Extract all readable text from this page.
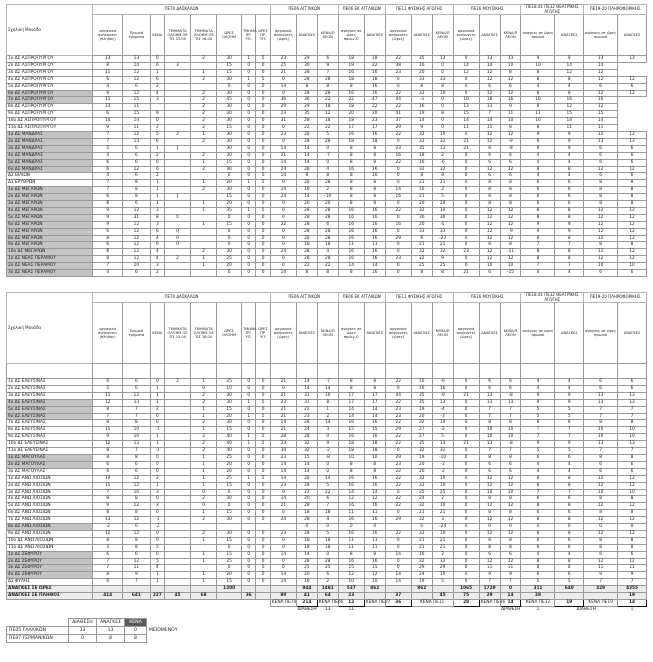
Σχολική Μονάδα	ΠΕ70 ΔΑΣΚΑΛΩΝ								ΠΕ06 ΑΓΓΛΙΚΩΝ			ΠΕ06 ΕΚ ΑΓΓΛΙΚΩΝ		ΠΕ11 ΦΥΣΙΚΗΣ ΑΓΩΓΗΣ			ΠΕ16 ΜΟΥΣΙΚΗΣ			ΠΕ18.41 ΠΕ32 ΘΕΑΤΡΙΚΗΣ ΑΓΩΓΗΣ		ΠΕ19-20 ΠΛΗΡΟΦΟΡΙΚΗΣ	
	οργανικά ανήκοντες (πλήθος)	Πρωινό τμήματα	ΚΕΝΑ	ΤΜΗΜΑΤΑ ΟΛΟΗΜ ΟΕ ΤΙΣ 15.00	ΤΜΗΜΑΤΑ ΟΛΟΗΜ ΟΕ ΤΙΣ 16.00	ΩΡΕΣ ΟΛΟΗΜ	ΤΜΗΜΑ ΠΡ. ΥΠ.	ΩΡΕΣ ΠΡ. ΥΠ.	οργανικά ανήκοντες (ώρες)	ΑΝΑΓΚΕΣ	ΚΕΝΑ/Π ΛΕΟΝ	ανάγκες σε ώρες πρωιν.Ο	ΑΝΑΓΚΕΣ	οργανικά ανήκοντες (ώρες)	ΑΝΑΓΚΕΣ	ΚΕΝΑ/Π ΛΕΟΝ	οργανικά ανήκοντες (ώρες)	ΑΝΑΓΚΕΣ	ΚΕΝΑ/Π ΛΕΟΝ	ανάγκες σε ώρες πρωινό	ΑΝΑΓΚΕΣ	ανάγκες σε ώρες πρωινό	ΑΝΑΓΚΕΣ
1ο ΔΣ ΑΣΠΡΟΠΥΡΓΟΥ	13	13	0		2	30	1	5	23	29	6	18	18	22	35	13	0	13	13	9	9	13	13
2ο ΔΣ ΑΣΠΡΟΠΥΡΓΟΥ	8	14	6	3		15	0	0	25	30	9	19	22	38	16	0	14	14	10	10	14	14	
3ο ΔΣ ΑΣΠΡΟΠΥΡΓΟΥ	11	12	1		1	15	0	0	21	28	7	16	16	23	20	0	12	12	8	8	12	12	
4ο ΔΣ ΑΣΠΡΟΠΥΡΓΟΥ	6	12	6		2	30	1	5	0	28	28	18	18	0	33	33	0	12	12	8	8	12	12
5ο ΔΣ ΑΣΠΡΟΠΥΡΓΟΥ	4	6	2			0	0	0	14	8	8	8	16	0	8	8	0	6	6	4	4	6	6
6ο ΔΣ ΑΣΠΡΟΠΥΡΓΟΥ	8	12	4		2	30	0	0	0	28	28	16	16	22	32	10	0	12	12	8	8	12	12
7ο ΔΣ ΑΣΠΡΟΠΥΡΓΟΥ	11	15	3		2	45	0	0	36	36	22	22	47	44	-3	0	16	16	16	16	16	16	
8ο ΔΣ ΑΣΠΡΟΠΥΡΓΟΥ	13	11			2	30	0	0	29	29	18	18	22	22	16	0	13	13	9	9	12	12	
9ο ΔΣ ΑΣΠΡΟΠΥΡΓΟΥ	6	15	9		2	30	0	0	23	35	12	20	20	41	19	8	15	7	11	11	15	15	
10ο ΔΣ ΑΣΠΡΟΠΥΡΓΟΥ	14	14	0		2	30	0	0	31	28	18	18	23	37	14	0	14	14	10	10	14	14	
11ο ΔΣ ΑΣΠΡΟΠΥΡΓΟΥ	9	11	2		2	15	0	0	0	22	22	17	17	29	9	0	11	11	8	8	11	11	
1ο ΔΣ ΜΑΝΔΡΑΣ	7	12	5	2	1	30	0	0	23	28	5	16	16	22	32	10	0	12	12	9	9	12	12
2ο ΔΣ ΜΑΝΔΡΑΣ	7	13	6		2	30	0	0	0	28	28	18	18	0	32	32	21	12	-9	9	9	13	13
3ο ΔΣ ΜΑΝΔΡΑΣ	5	6	1	1		30	0	0	14	14	0	8	8	23	35	12	21	8	-8	9	9	6	6
4ο ΔΣ ΜΑΝΔΡΑΣ	4	6	2		2	30	0	0	21	14	-7	8	8	16	18	2	0	6	6	4	4	6	6
5ο ΔΣ ΜΑΝΔΡΑΣ	6	6	0		1	15	0	0	14	14	0	8	8	22	16	-6	0	6	6	4	4	6	6
6ο ΔΣ ΜΑΝΔΡΑΣ	6	12	6		2	30	0	0	24	28	4	16	16	0	32	32	0	12	12	8	8	12	12
ΔΣ ΒΙΛΙΩΝ	4	6	2			0	0	0	14	8	8	8	16	0	8	8	0	6	6	4	4	6	6
ΔΣ ΕΡΥΘΡΩΝ	7	8	1		1	20	1	5	0	28	28	8	8	0	21	21	0	8	8	6	6	8	8
1ο ΔΣ ΜΕΓΑΡΩΝ	7	8	1		2	30	0	0	14	16	2	8	8	14	16	2	0	8	8	6	6	8	8
2ο ΔΣ ΜΕΓΑΡΩΝ	6	8	1	1		15	0	0	24	14	-10	8	8	16	21	5	0	8	8	6	6	8	8
3ο ΔΣ ΜΕΓΑΡΩΝ	8	6	1		1	20	0	0	0	20	20	8	8	0	20	20	0	8	8	6	6	8	8
4ο ΔΣ ΜΕΓΑΡΩΝ	9	12	3		1	35	1	5	0	28	28	16	16	22	32	10	0	12	12	8	8	12	12
5ο ΔΣ ΜΕΓΑΡΩΝ	9	31	8	0		0	0	0	0	28	28	16	16	0	30	30	0	12	12	8	8	12	12
6ο ΔΣ ΜΕΓΑΡΩΝ	9	12	3		1	15	0	0	22	28	6	16	16	16	20	4	0	12	12	9	9	12	12
7ο ΔΣ ΜΕΓΑΡΩΝ	6	12	6	0		0	0	0	0	28	28	16	16	0	33	33	0	12	-9	9	9	12	12
8ο ΔΣ ΜΕΓΑΡΩΝ	8	12	4	0		0	0	0	0	28	28	16	16	29	6	-23	0	12	12	8	8	12	12
9ο ΔΣ ΜΕΓΑΡΩΝ	6	12	6	0		0	0	0	0	18	18	11	11	0	21	21	0	8	8	7	7	8	8
10ο ΔΣ ΜΕΓΑΡΩΝ	8	12	4		2	30	0	0	24	28	4	16	16	0	32	32	23	12	-11	8	8	12	12
1ο ΔΣ ΝΕΑΣ ΠΕΡΑΜΟΥ	8	12	4	2	1	25	0	0	0	28	28	16	16	23	32	9	0	12	12	8	8	12	12
2ο ΔΣ ΝΕΑΣ ΠΕΡΑΜΟΥ	7	10	3		1	20	0	0	0	22	22	14	14	0	25	25	0	10	10	7	7	10	10
3ο ΔΣ ΝΕΑΣ ΠΕΡΑΜΟΥ	4	6	2			0	0	0	14	8	8	8	16	0	8	8	21	6	-15	4	4	6	6
Σχολική Μονάδα	ΠΕ70 ΔΑΣΚΑΛΩΝ								ΠΕ06 ΑΓΓΛΙΚΩΝ			ΠΕ06 ΕΚ ΑΓΓΛΙΚΩΝ		ΠΕ11 ΦΥΣΙΚΗΣ ΑΓΩΓΗΣ			ΠΕ16 ΜΟΥΣΙΚΗΣ			ΠΕ18.41 ΠΕ32 ΘΕΑΤΡΙΚΗΣ ΑΓΩΓΗΣ		ΠΕ19-20 ΠΛΗΡΟΦΟΡΙΚΗΣ	
	οργανικά ανήκοντες (πλήθος)	Πρωινό τμήματα	ΚΕΝΑ	ΤΜΗΜΑΤΑ ΟΛΟΗΜ ΟΕ ΤΙΣ 15.00	ΤΜΗΜΑΤΑ ΟΛΟΗΜ ΟΕ ΤΙΣ 16.00	ΩΡΕΣ ΟΛΟΗΜ	ΤΜΗΜΑ ΠΡ. ΥΠ.	ΩΡΕΣ ΠΡ. ΥΠ.	οργανικά ανήκοντες (ώρες)	ΑΝΑΓΚΕΣ	ΚΕΝΑ/Π ΛΕΟΝ	ανάγκες σε ώρες πρωιν.Ο	ΑΝΑΓΚΕΣ	οργανικά ανήκοντες (ώρες)	ΑΝΑΓΚΕΣ	ΚΕΝΑ/Π ΛΕΟΝ	οργανικά ανήκοντες (ώρες)	ΑΝΑΓΚΕΣ	ΚΕΝΑ/Π ΛΕΟΝ	ανάγκες σε ώρες πρωινό	ΑΝΑΓΚΕΣ	ανάγκες σε ώρες πρωινό	ΑΝΑΓΚΕΣ

1ο ΔΣ ΕΛΕΥΣΙΝΑΣ	6	6	0	2	1	25	0	0	21	14	-7	8	8	22	16	-6	0	6	6	4	4	6	6
2ο ΔΣ ΕΛΕΥΣΙΝΑΣ	5	6	1		0	10	0	0	0	14	14	8	8	0	16	16	0	6	6	4	4	6	6
3ο ΔΣ ΕΛΕΥΣΙΝΑΣ	11	12	1		2	30	0	0	21	31	10	17	17	44	35	-9	21	13	-8	9	9	13	13
4ο ΔΣ ΕΛΕΥΣΙΝΑΣ	12	13	1		2	30	1	5	23	31	8	17	17	22	35	13	0	13	13	9	9	13	13
5ο ΔΣ ΕΛΕΥΣΙΝΑΣ	8	7	2		1	15	0	0	21	22	1	14	14	23	19	-4	0	7	7	5	5	7	7
6ο ΔΣ ΕΛΕΥΣΙΝΑΣ	7	7	0		1	20	1	5	21	23	2	14	14	23	20	-3	0	7	7	5	5	7	7
7ο ΔΣ ΕΛΕΥΣΙΝΑΣ	8	8	0		2	30	0	0	14	28	14	16	16	22	32	10	0	8	8	6	6	8	8
8ο ΔΣ ΕΛΕΥΣΙΝΑΣ	11	10	-1		1	15	0	0	21	24	3	15	15	29	27	-2	0	10	10	7	7	10	10
9ο ΔΣ ΕΛΕΥΣΙΝΑΣ	9	10	1		2	40	1	5	28	28	0	16	16	22	27	5	0	10	10	7	7	10	10
10ο ΔΣ ΕΛΕΥΣΙΝΑΣ	12	13	1		2	40	1	5	23	32	9	18	18	22	35	13	21	13	-8	9	9	13	13
11ο ΔΣ ΕΛΕΥΣΙΝΑΣ	8	7	-1		2	40	0	0	34	32	-2	18	18	0	32	32	0	7	7	5	5	7	7
1ο ΔΣ ΜΑΓΟΥΛΑΣ	8	8	0		1	25	0	0	23	15	-8	10	10	29	19	-10	0	8	8	6	6	8	8
2ο ΔΣ ΜΑΓΟΥΛΑΣ	6	6	0		1	20	0	0	14	14	0	8	8	23	20	-3	0	6	6	4	4	6	6
3ο ΔΣ ΜΑΓΟΥΛΑΣ	6	6	0		1	20	0	0	14	14	0	8	8	22	20	-2	0	6	6	4	4	6	6
1ο ΔΣ ΑΝΩ ΛΙΟΣΙΩΝ	10	12	2		1	25	1	5	14	28	14	16	16	22	32	10	0	12	12	8	8	12	12
2ο ΔΣ ΑΝΩ ΛΙΟΣΙΩΝ	11	12	1		1	15	0	0	23	28	5	16	16	22	32	10	0	12	12	8	8	12	12
3ο ΔΣ ΑΝΩ ΛΙΟΣΙΩΝ	7	10	3		0	0	0	0	0	22	22	14	14	0	25	25	0	10	10	7	7	10	10
4ο ΔΣ ΑΝΩ ΛΙΟΣΙΩΝ	8	8	0		2	30	0	0	14	20	6	12	12	22	24	2	0	8	8	6	6	8	8
5ο ΔΣ ΑΝΩ ΛΙΟΣΙΩΝ	9	12	3		0	0	0	0	21	28	7	16	16	22	32	10	0	12	12	8	8	12	12
6ο ΔΣ ΑΝΩ ΛΙΟΣΙΩΝ	8	8	0		1	15	0	0	0	18	18	11	11	0	21	21	0	8	8	6	6	8	8
7ο ΔΣ ΑΝΩ ΛΙΟΣΙΩΝ	13	12	-1		2	30	0	0	24	28	4	16	16	29	32	3	0	12	12	8	8	12	12
8ο ΔΣ ΑΝΩ ΛΙΟΣΙΩΝ	-2	0	-2							0	0	0	0		0	-24	0	0	0	0	0	0	0
9ο ΔΣ ΑΝΩ ΛΙΟΣΙΩΝ	12	12	0		2	30	0	0	23	28	5	16	16	22	32	10	0	12	12	8	8	12	12
10ο ΔΣ ΑΝΩ ΛΙΟΣΙΩΝ	8	8	0		1	15	0	0	0	18	18	11	11	0	21	21	0	8	8	6	6	8	8
11ο ΔΣ ΑΝΩ ΛΙΟΣΙΩΝ	3	8	5			0	0	0	0	18	18	11	11	0	21	21	0	8	8	6	6	8	8
1ο ΔΣ ΖΕΦΥΡΟΥ	6	6	0		1	15	0	0	14	14	0	8	8	14	16	2	0	6	6	4	4	6	6
2ο ΔΣ ΖΕΦΥΡΟΥ	7	12	5		1	25	0	0	0	28	28	16	16	0	32	32	0	12	12	8	8	12	12
3ο ΔΣ ΖΕΦΥΡΟΥ	7	11	4			0	0	0	0	25	25	15	15	0	29	29	0	11	11	8	8	11	11
4ο ΔΣ ΖΕΦΥΡΟΥ	8	9	1		1	20	0	0	14	20	6	12	12	14	24	10	0	9	9	6	6	9	9
ΔΣ ΦΥΛΗΣ	6	7	1		1	15	0	0	14	16	2	10	10	14	19	5	0	7	7	5	5	7	7
ΑΝΑΓΚΕΣ ΣΕ ΩΡΕΣ						1300				944	1481	537	862		862		1065	1729	0	311	640	329	4355
ΑΝΑΓΚΕΣ ΣΕ ΠΛΗΘΟΣ	414	641	227	45	68		36		80	41	64	23		37		45	75	29	14	28			19
									ΚΕΝΑ ΠΕ70	214	ΚΕΝΑ ΠΕ06	12	ΚΕΝΑ ΠΕ07	36	ΚΕΝΑ ΠΕ11		28	ΚΕΝΑ ΠΕ16	14	ΚΕΝΑ ΠΕ32	19	ΚΕΝΑ ΠΕ19	14
										ΔΙΑΘΕΣΗ	13	11							ΔΙΑΘΕΣΗ	1	ΔΙΑΘΕΣΗ		1
	ΔΙΑΘΕΣΗ	ΑΝΑΓΚΕΣ	ΚΕΝΑ	
ΠΕ05 ΓΑΛΛΙΚΩΝ	13	13	0	ΜΕΙΟΜΕΝΟΥ
ΠΕ07 ΓΕΡΜΑΝΙΚΩΝ	0	8	8	
